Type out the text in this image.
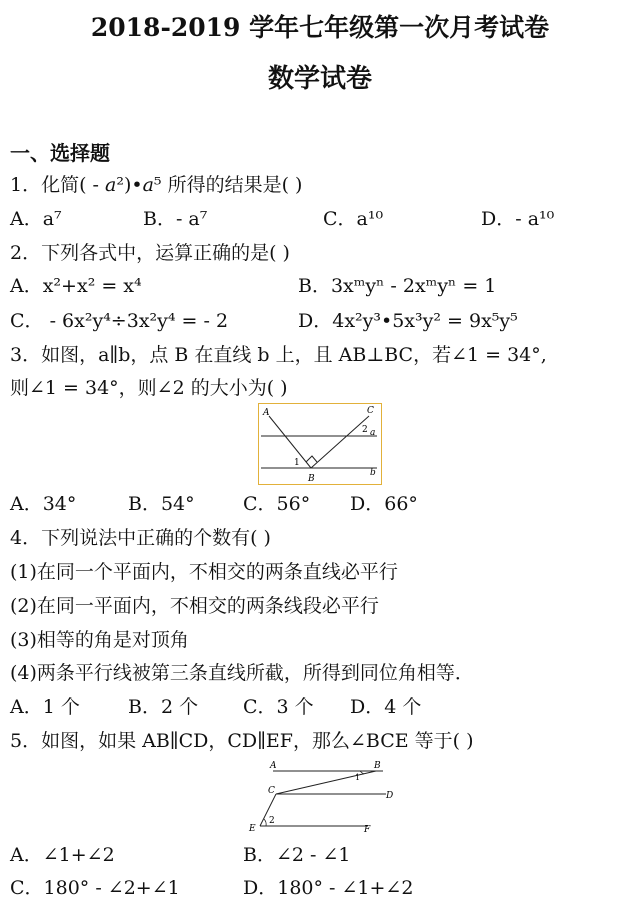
2018-2019 学年七年级第一次月考试卷
数学试卷
一、选择题
1．化简( - a²)•a⁵ 所得的结果是( )
A．a⁷	B．- a⁷	C．a¹⁰	D．- a¹⁰
2．下列各式中，运算正确的是( )
A．x²+x² = x⁴	B．3xᵐyⁿ - 2xᵐyⁿ = 1
C． - 6x²y⁴÷3x²y⁴ = - 2	D．4x²y³•5x³y² = 9x⁵y⁵
3．如图，a∥b，点 B 在直线 b 上，且 AB⊥BC，若∠1 = 34°,
则∠1 = 34°，则∠2 的大小为( )
A	C
a
b
B
1
2
A．34°	B．54°	C．56° D．66°
4．下列说法中正确的个数有( )
(1)在同一个平面内，不相交的两条直线必平行
(2)在同一平面内，不相交的两条线段必平行
(3)相等的角是对顶角
(4)两条平行线被第三条直线所截，所得到同位角相等．
A．1 个	B．2 个 C．3 个 D．4 个
5．如图，如果 AB∥CD，CD∥EF，那么∠BCE 等于( )
A	B
C	D
E	F
1
2
A．∠1+∠2	B．∠2 - ∠1
C．180° - ∠2+∠1	D．180° - ∠1+∠2
